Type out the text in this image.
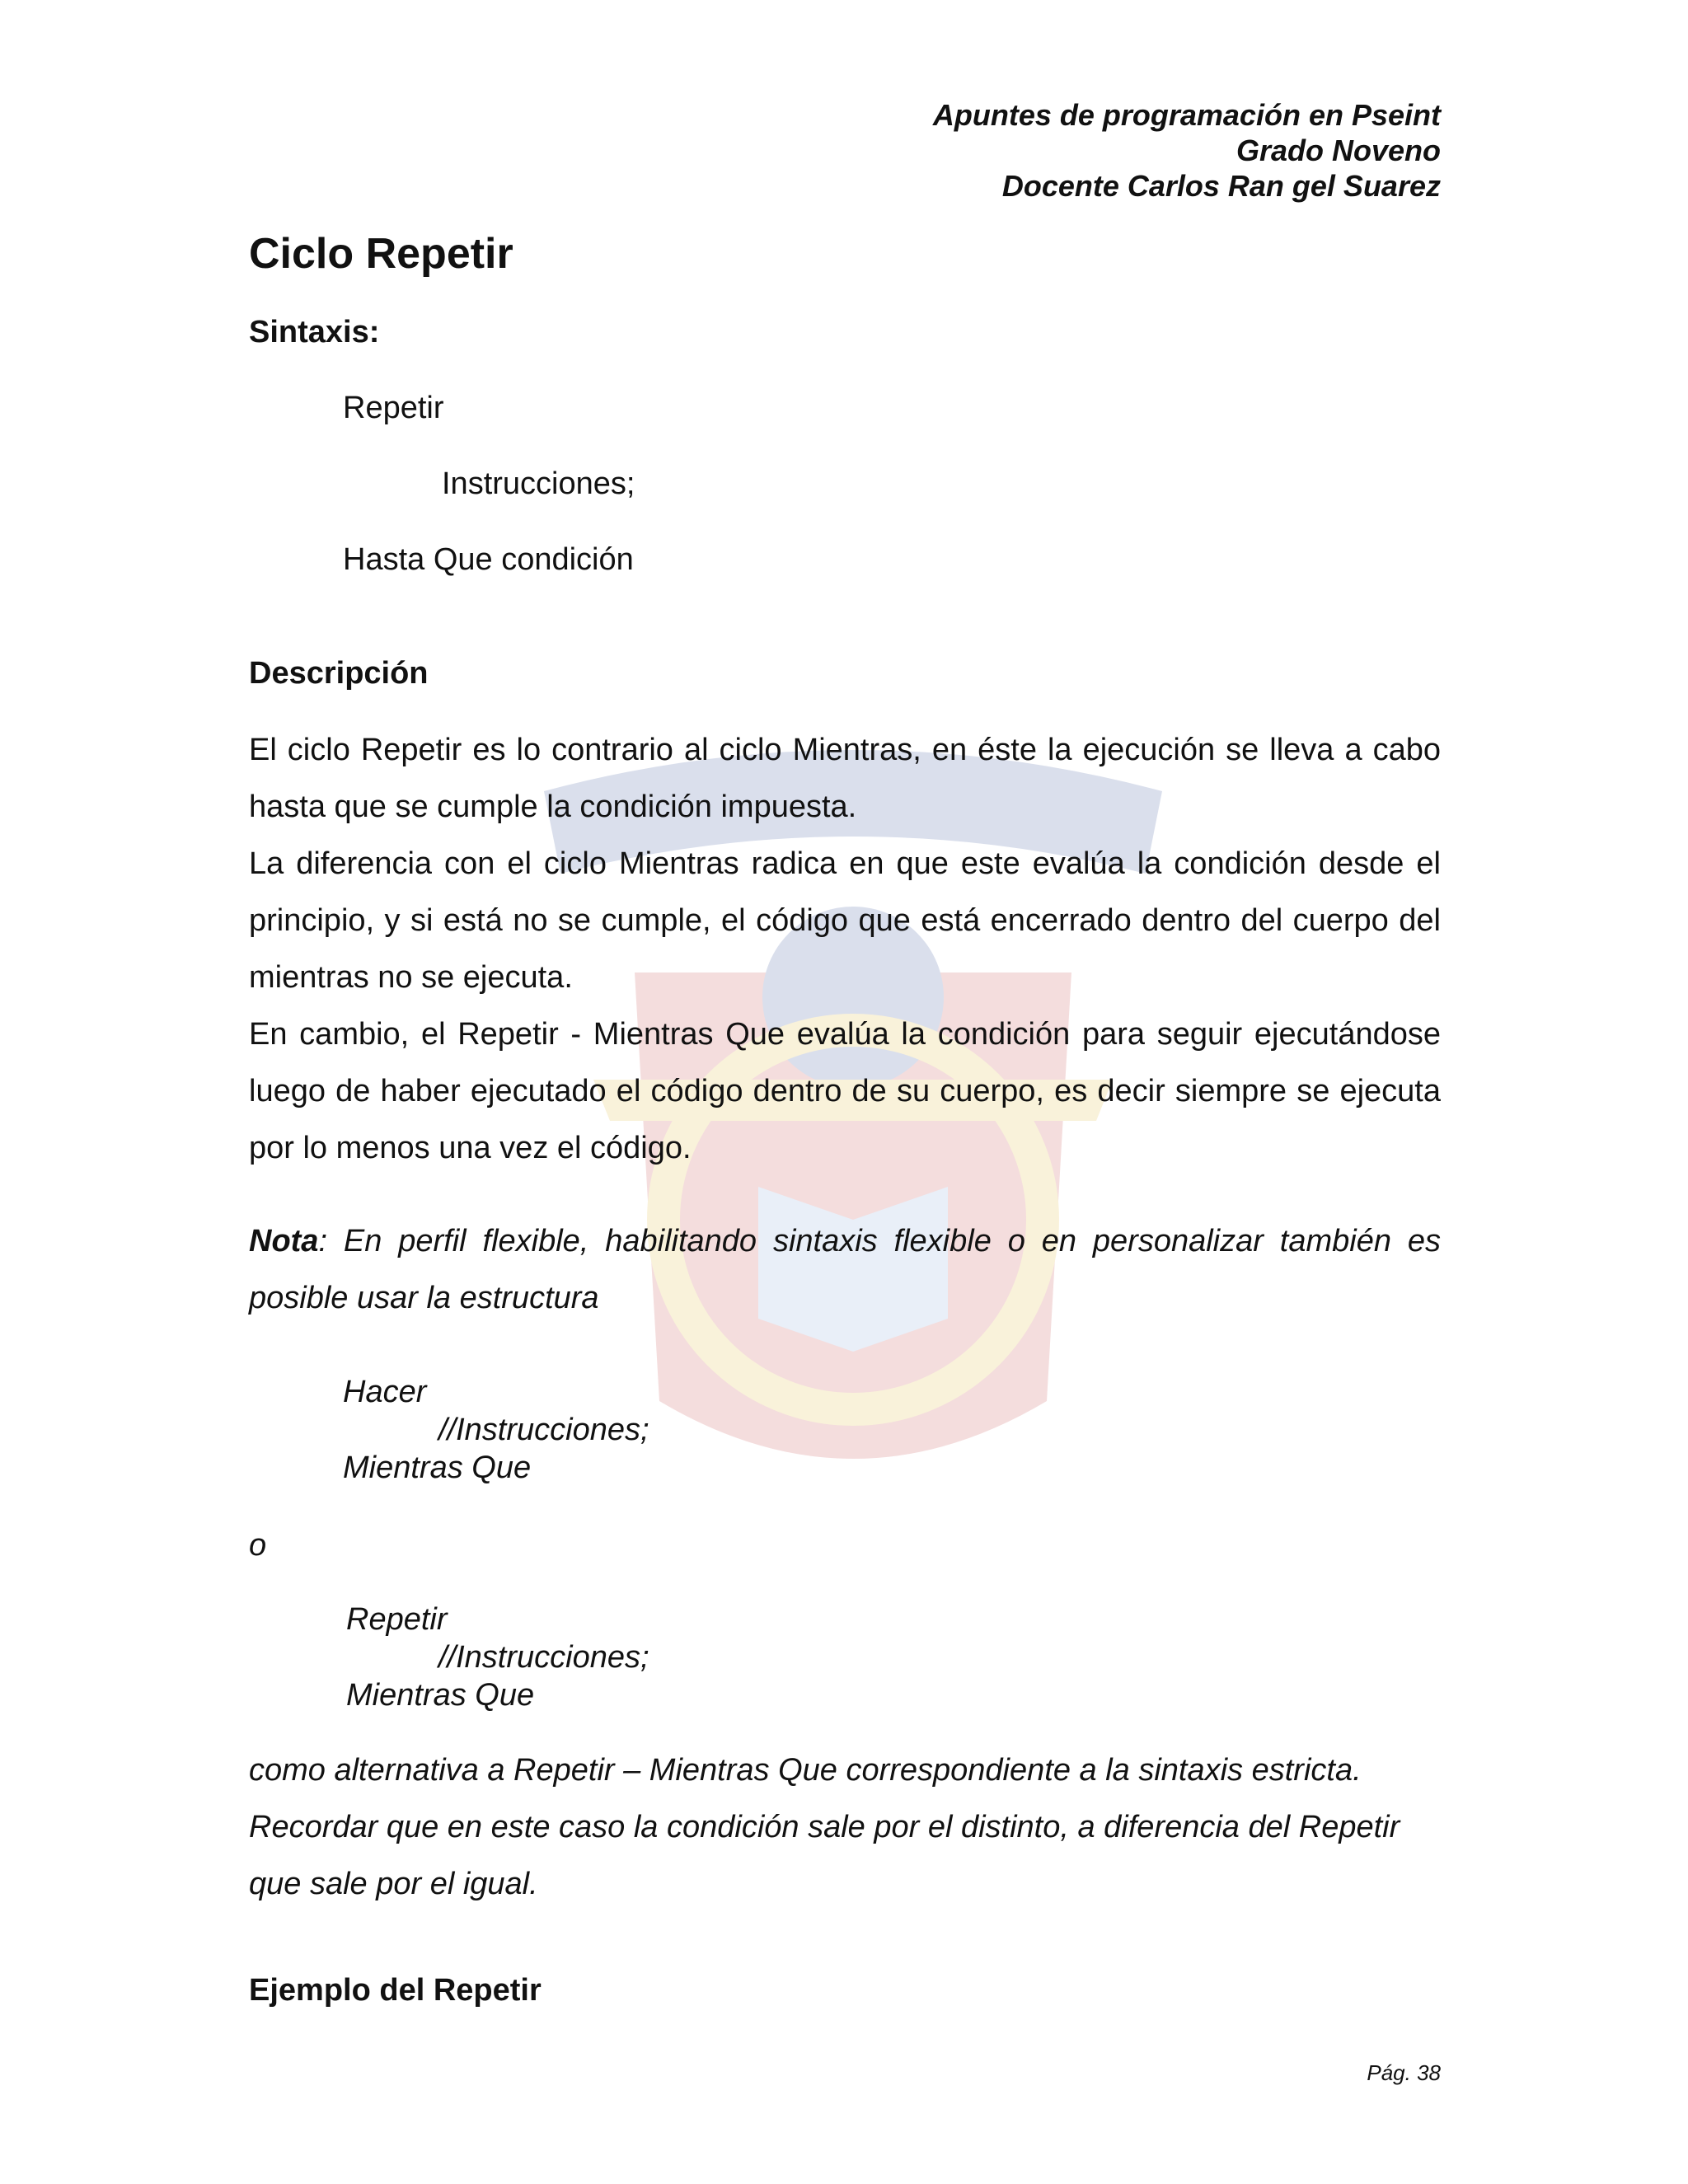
Apuntes de programación en Pseint
Grado Noveno
Docente Carlos Ran gel Suarez
Ciclo Repetir
Sintaxis:
Repetir
Instrucciones;
Hasta Que condición
Descripción

El ciclo Repetir es lo contrario al ciclo Mientras, en éste la ejecución se lleva a cabo hasta que se cumple la condición impuesta.

La diferencia con el ciclo Mientras radica en que este evalúa la condición desde el principio, y si está no se cumple, el código que está encerrado dentro del cuerpo del mientras no se ejecuta.

En cambio, el Repetir - Mientras Que evalúa la condición para seguir ejecutándose luego de haber ejecutado el código dentro de su cuerpo, es decir siempre se ejecuta por lo menos una vez el código.

Nota: En perfil flexible, habilitando sintaxis flexible o en personalizar también es posible usar la estructura

Hacer
//Instrucciones;
Mientras Que
o
Repetir
//Instrucciones;
Mientras Que

como alternativa a Repetir – Mientras Que correspondiente a la sintaxis estricta. Recordar que en este caso la condición sale por el distinto, a diferencia del Repetir que sale por el igual.

Ejemplo del Repetir
Pág. 38
